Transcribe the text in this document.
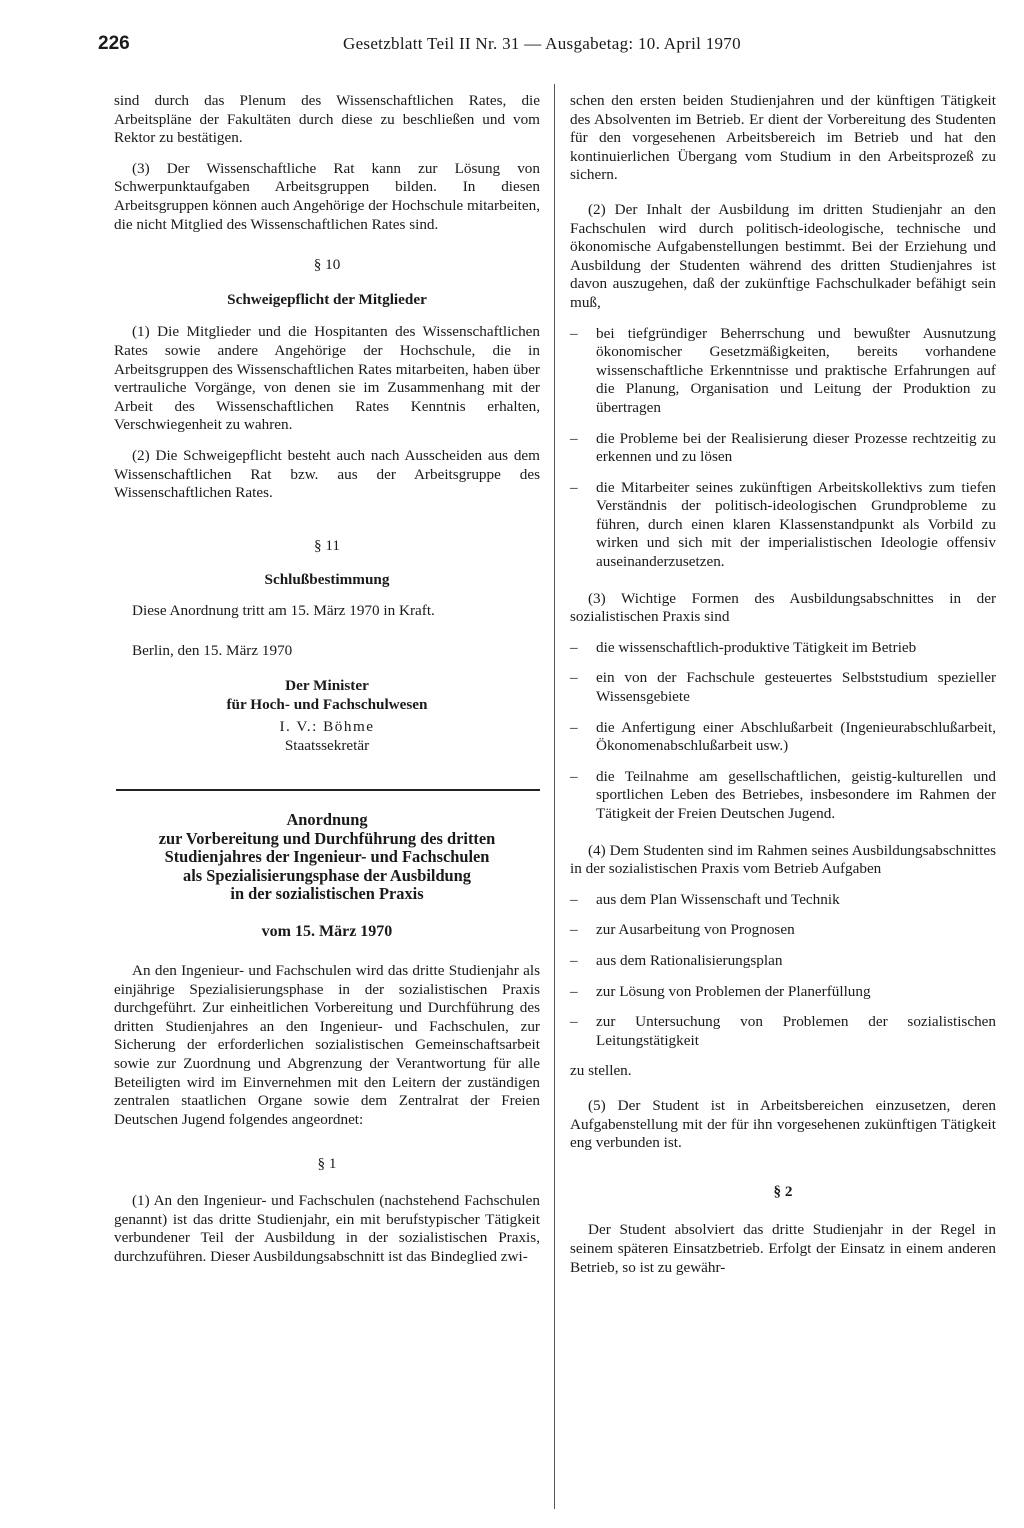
226	Gesetzblatt Teil II Nr. 31 — Ausgabetag: 10. April 1970

sind durch das Plenum des Wissenschaftlichen Rates, die Arbeitspläne der Fakultäten durch diese zu beschließen und vom Rektor zu bestätigen.

(3) Der Wissenschaftliche Rat kann zur Lösung von Schwerpunktaufgaben Arbeitsgruppen bilden. In diesen Arbeitsgruppen können auch Angehörige der Hochschule mitarbeiten, die nicht Mitglied des Wissenschaftlichen Rates sind.

§ 10

Schweigepflicht der Mitglieder

(1) Die Mitglieder und die Hospitanten des Wissenschaftlichen Rates sowie andere Angehörige der Hochschule, die in Arbeitsgruppen des Wissenschaftlichen Rates mitarbeiten, haben über vertrauliche Vorgänge, von denen sie im Zusammenhang mit der Arbeit des Wissenschaftlichen Rates Kenntnis erhalten, Verschwiegenheit zu wahren.

(2) Die Schweigepflicht besteht auch nach Ausscheiden aus dem Wissenschaftlichen Rat bzw. aus der Arbeitsgruppe des Wissenschaftlichen Rates.

§ 11

Schlußbestimmung

Diese Anordnung tritt am 15. März 1970 in Kraft.

Berlin, den 15. März 1970

Der Minister

für Hoch- und Fachschulwesen

I. V.: Böhme

Staatssekretär

Anordnung
zur Vorbereitung und Durchführung des dritten
Studienjahres der Ingenieur- und Fachschulen
als Spezialisierungsphase der Ausbildung
in der sozialistischen Praxis

vom 15. März 1970

An den Ingenieur- und Fachschulen wird das dritte Studienjahr als einjährige Spezialisierungsphase in der sozialistischen Praxis durchgeführt. Zur einheitlichen Vorbereitung und Durchführung des dritten Studienjahres an den Ingenieur- und Fachschulen, zur Sicherung der erforderlichen sozialistischen Gemeinschaftsarbeit sowie zur Zuordnung und Abgrenzung der Verantwortung für alle Beteiligten wird im Einvernehmen mit den Leitern der zuständigen zentralen staatlichen Organe sowie dem Zentralrat der Freien Deutschen Jugend folgendes angeordnet:

§ 1

(1) An den Ingenieur- und Fachschulen (nachstehend Fachschulen genannt) ist das dritte Studienjahr, ein mit berufstypischer Tätigkeit verbundener Teil der Ausbildung in der sozialistischen Praxis, durchzuführen. Dieser Ausbildungsabschnitt ist das Bindeglied zwi-

schen den ersten beiden Studienjahren und der künftigen Tätigkeit des Absolventen im Betrieb. Er dient der Vorbereitung des Studenten für den vorgesehenen Arbeitsbereich im Betrieb und hat den kontinuierlichen Übergang vom Studium in den Arbeitsprozeß zu sichern.

(2) Der Inhalt der Ausbildung im dritten Studienjahr an den Fachschulen wird durch politisch-ideologische, technische und ökonomische Aufgabenstellungen bestimmt. Bei der Erziehung und Ausbildung der Studenten während des dritten Studienjahres ist davon auszugehen, daß der zukünftige Fachschulkader befähigt sein muß,

– bei tiefgründiger Beherrschung und bewußter Ausnutzung ökonomischer Gesetzmäßigkeiten, bereits vorhandene wissenschaftliche Erkenntnisse und praktische Erfahrungen auf die Planung, Organisation und Leitung der Produktion zu übertragen
– die Probleme bei der Realisierung dieser Prozesse rechtzeitig zu erkennen und zu lösen
– die Mitarbeiter seines zukünftigen Arbeitskollektivs zum tiefen Verständnis der politisch-ideologischen Grundprobleme zu führen, durch einen klaren Klassenstandpunkt als Vorbild zu wirken und sich mit der imperialistischen Ideologie offensiv auseinanderzusetzen.

(3) Wichtige Formen des Ausbildungsabschnittes in der sozialistischen Praxis sind

– die wissenschaftlich-produktive Tätigkeit im Betrieb
– ein von der Fachschule gesteuertes Selbststudium spezieller Wissensgebiete
– die Anfertigung einer Abschlußarbeit (Ingenieurabschlußarbeit, Ökonomenabschlußarbeit usw.)
– die Teilnahme am gesellschaftlichen, geistig-kulturellen und sportlichen Leben des Betriebes, insbesondere im Rahmen der Tätigkeit der Freien Deutschen Jugend.

(4) Dem Studenten sind im Rahmen seines Ausbildungsabschnittes in der sozialistischen Praxis vom Betrieb Aufgaben

– aus dem Plan Wissenschaft und Technik
– zur Ausarbeitung von Prognosen
– aus dem Rationalisierungsplan
– zur Lösung von Problemen der Planerfüllung
– zur Untersuchung von Problemen der sozialistischen Leitungstätigkeit

zu stellen.

(5) Der Student ist in Arbeitsbereichen einzusetzen, deren Aufgabenstellung mit der für ihn vorgesehenen zukünftigen Tätigkeit eng verbunden ist.

§ 2

Der Student absolviert das dritte Studienjahr in der Regel in seinem späteren Einsatzbetrieb. Erfolgt der Einsatz in einem anderen Betrieb, so ist zu gewähr-
